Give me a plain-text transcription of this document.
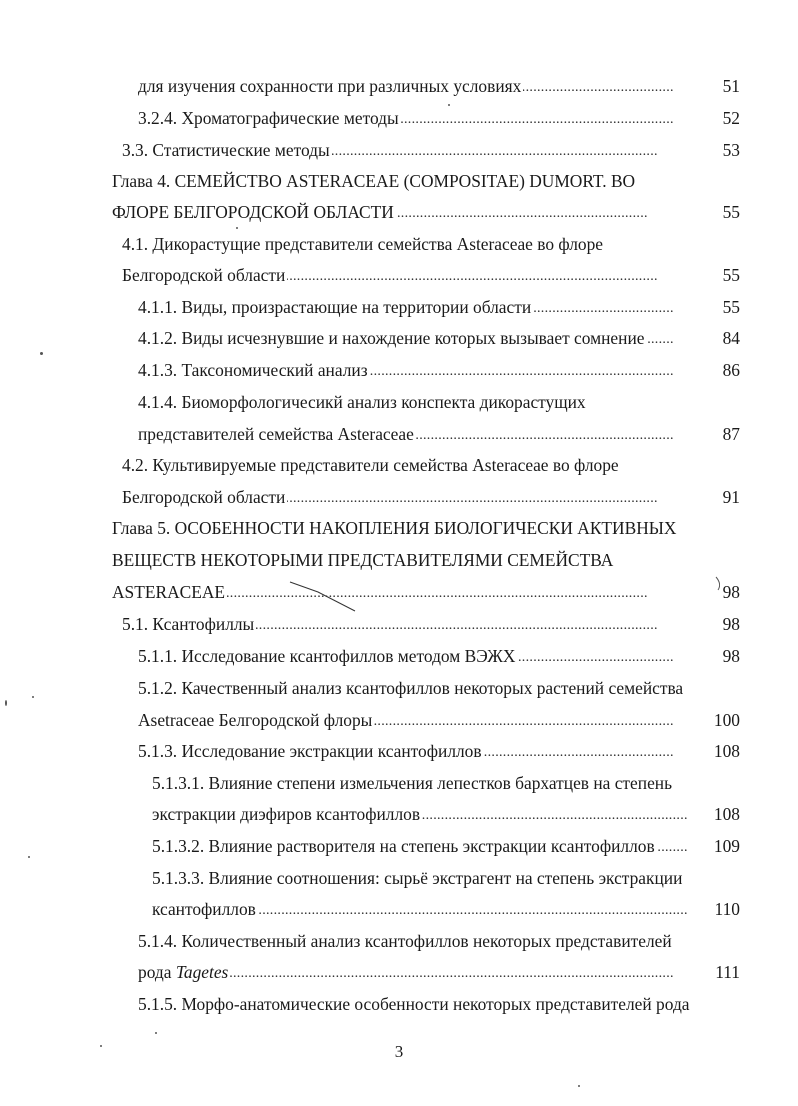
. . . для изучения сохранности при различных условиях	51
. . . 3.2.4. Хроматографические методы	52
. . . 3.3. Статистические методы	53
Глава 4. СЕМЕЙСТВО ASTERACEAE (COMPOSITAE) DUMORT. ВО
. . . ФЛОРЕ БЕЛГОРОДСКОЙ ОБЛАСТИ	55
4.1. Дикорастущие представители семейства Asteraceae во флоре
. . . Белгородской области	55
. . . 4.1.1. Виды, произрастающие на территории области	55
. . . 4.1.2. Виды исчезнувшие и нахождение которых вызывает сомнение	84
. . . 4.1.3. Таксономический анализ	86
4.1.4. Биоморфологичесикй анализ конспекта дикорастущих
. . . представителей семейства Asteraceae	87
4.2. Культивируемые представители семейства Asteraceae во флоре
. . . Белгородской области	91
Глава 5. ОСОБЕННОСТИ НАКОПЛЕНИЯ БИОЛОГИЧЕСКИ АКТИВНЫХ
ВЕЩЕСТВ НЕКОТОРЫМИ ПРЕДСТАВИТЕЛЯМИ СЕМЕЙСТВА
. . . ASTERACEAE	98
. . . 5.1. Ксантофиллы	98
. . . 5.1.1. Исследование ксантофиллов методом ВЭЖХ	98
5.1.2. Качественный анализ ксантофиллов некоторых растений семейства
. . . Asetraceae Белгородской флоры	100
. . . 5.1.3. Исследование экстракции ксантофиллов	108
5.1.3.1. Влияние степени измельчения лепестков бархатцев на степень
. . . экстракции диэфиров ксантофиллов	108
. . . 5.1.3.2. Влияние растворителя на степень экстракции ксантофиллов	109
5.1.3.3. Влияние соотношения: сырьё экстрагент на степень экстракции
. . . ксантофиллов	110
5.1.4. Количественный анализ ксантофиллов некоторых представителей
. . . рода Tagetes	111
5.1.5. Морфо-анатомические особенности некоторых представителей рода
3
